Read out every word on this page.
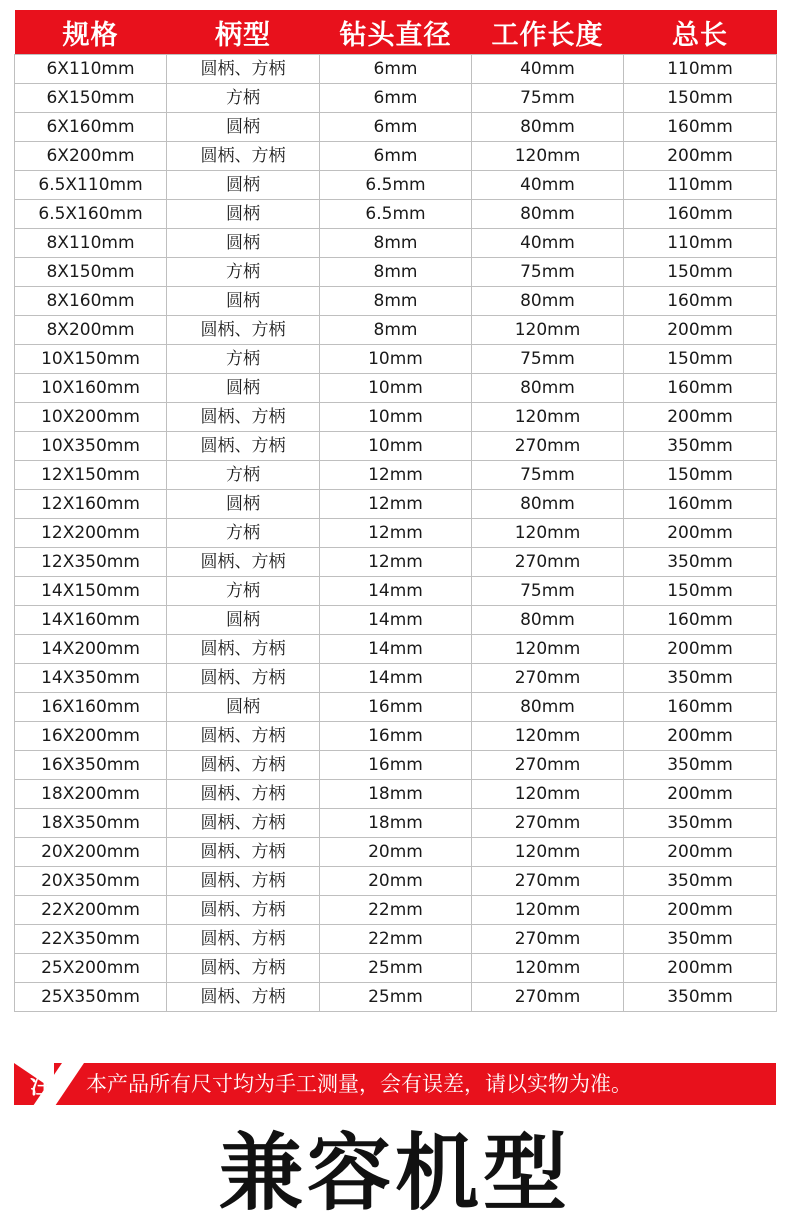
规格	柄型	钻头直径	工作长度	总长
6X110mm	圆柄、方柄	6mm	40mm	110mm
6X150mm	方柄	6mm	75mm	150mm
6X160mm	圆柄	6mm	80mm	160mm
6X200mm	圆柄、方柄	6mm	120mm	200mm
6.5X110mm	圆柄	6.5mm	40mm	110mm
6.5X160mm	圆柄	6.5mm	80mm	160mm
8X110mm	圆柄	8mm	40mm	110mm
8X150mm	方柄	8mm	75mm	150mm
8X160mm	圆柄	8mm	80mm	160mm
8X200mm	圆柄、方柄	8mm	120mm	200mm
10X150mm	方柄	10mm	75mm	150mm
10X160mm	圆柄	10mm	80mm	160mm
10X200mm	圆柄、方柄	10mm	120mm	200mm
10X350mm	圆柄、方柄	10mm	270mm	350mm
12X150mm	方柄	12mm	75mm	150mm
12X160mm	圆柄	12mm	80mm	160mm
12X200mm	方柄	12mm	120mm	200mm
12X350mm	圆柄、方柄	12mm	270mm	350mm
14X150mm	方柄	14mm	75mm	150mm
14X160mm	圆柄	14mm	80mm	160mm
14X200mm	圆柄、方柄	14mm	120mm	200mm
14X350mm	圆柄、方柄	14mm	270mm	350mm
16X160mm	圆柄	16mm	80mm	160mm
16X200mm	圆柄、方柄	16mm	120mm	200mm
16X350mm	圆柄、方柄	16mm	270mm	350mm
18X200mm	圆柄、方柄	18mm	120mm	200mm
18X350mm	圆柄、方柄	18mm	270mm	350mm
20X200mm	圆柄、方柄	20mm	120mm	200mm
20X350mm	圆柄、方柄	20mm	270mm	350mm
22X200mm	圆柄、方柄	22mm	120mm	200mm
22X350mm	圆柄、方柄	22mm	270mm	350mm
25X200mm	圆柄、方柄	25mm	120mm	200mm
25X350mm	圆柄、方柄	25mm	270mm	350mm
注 本产品所有尺寸均为手工测量，会有误差，请以实物为准。
兼容机型
